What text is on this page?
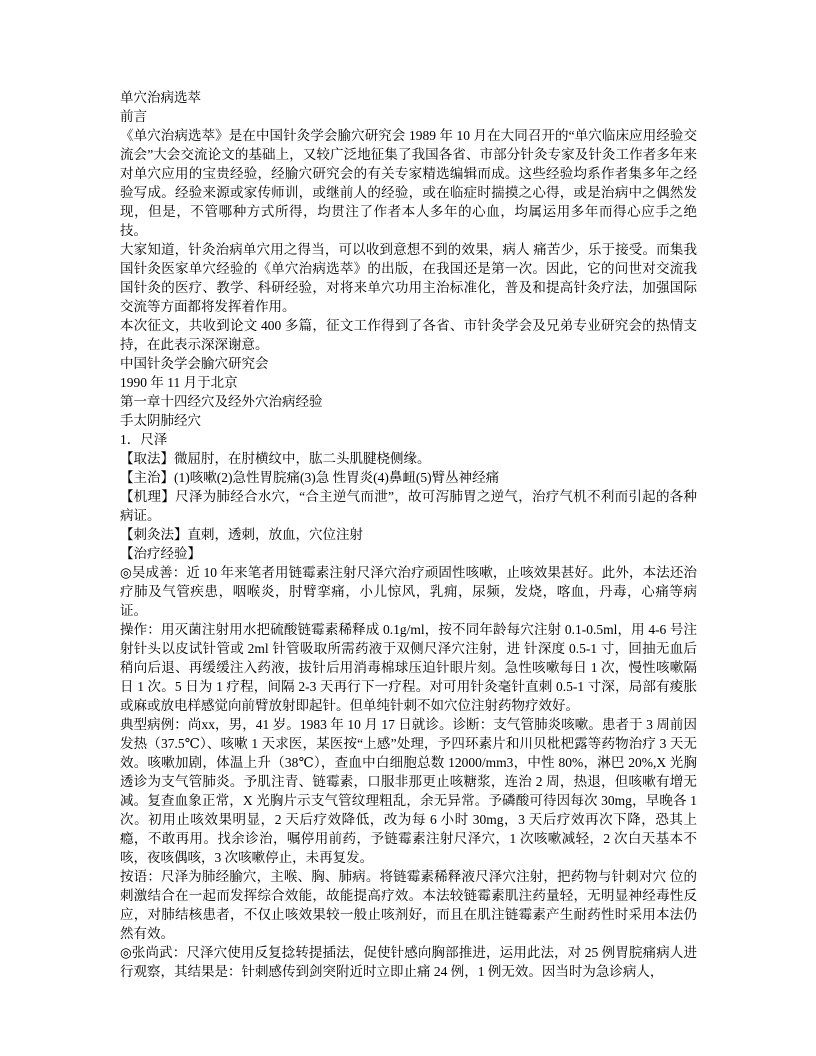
单穴治病选萃

前言

《单穴治病选萃》是在中国针灸学会腧穴研究会 1989 年 10 月在大同召开的“单穴临床应用经验交流会”大会交流论文的基础上，又较广泛地征集了我国各省、市部分针灸专家及针灸工作者多年来对单穴应用的宝贵经验，经腧穴研究会的有关专家精选编辑而成。这些经验均系作者集多年之经验写成。经验来源或家传师训，或继前人的经验，或在临症时揣摸之心得，或是治病中之偶然发现，但是，不管哪种方式所得，均贯注了作者本人多年的心血，均属运用多年而得心应手之绝技。

大家知道，针灸治病单穴用之得当，可以收到意想不到的效果，病人 痛苦少，乐于接受。而集我国针灸医家单穴经验的《单穴治病选萃》的出版，在我国还是第一次。因此，它的问世对交流我国针灸的医疗、教学、科研经验，对将来单穴功用主治标准化，普及和提高针灸疗法，加强国际交流等方面都将发挥着作用。

本次征文，共收到论文 400 多篇，征文工作得到了各省、市针灸学会及兄弟专业研究会的热情支持，在此表示深深谢意。

中国针灸学会腧穴研究会

1990 年 11 月于北京

第一章十四经穴及经外穴治病经验

手太阴肺经穴

1．尺泽

【取法】微屈肘，在肘横纹中，肱二头肌腱桡侧缘。

【主治】(1)咳嗽(2)急性胃脘痛(3)急 性胃炎(4)鼻衄(5)臂丛神经痛

【机理】尺泽为肺经合水穴，“合主逆气而泄”，故可泻肺胃之逆气，治疗气机不利而引起的各种病证。

【刺灸法】直刺，透刺，放血，穴位注射

【治疗经验】

◎吴成善：近 10 年来笔者用链霉素注射尺泽穴治疗顽固性咳嗽，止咳效果甚好。此外，本法还治疗肺及气管疾患，咽喉炎，肘臂挛痛，小儿惊风，乳痈，尿频，发烧，喀血，丹毒，心痛等病证。

操作：用灭菌注射用水把硫酸链霉素稀释成 0.1g/ml，按不同年龄每穴注射 0.1-0.5ml，用 4-6 号注射针头以皮试针管或 2ml 针管吸取所需药液于双侧尺泽穴注射，进 针深度 0.5-1 寸，回抽无血后稍向后退、再缓缓注入药液，拔针后用消毒棉球压迫针眼片刻。急性咳嗽每日 1 次，慢性咳嗽隔日 1 次。5 日为 1 疗程，间隔 2-3 天再行下一疗程。对可用针灸毫针直刺 0.5-1 寸深，局部有痠胀或麻或放电样感觉向前臂放射即起针。但单纯针刺不如穴位注射药物疗效好。

典型病例：尚xx，男，41 岁。1983 年 10 月 17 日就诊。诊断：支气管肺炎咳嗽。患者于 3 周前因发热（37.5℃）、咳嗽 1 天求医，某医按“上感”处理，予四环素片和川贝枇杷露等药物治疗 3 天无效。咳嗽加剧，体温上升（38℃），查血中白细胞总数 12000/mm3，中性 80%，淋巴 20%,X 光胸透诊为支气管肺炎。予肌注青、链霉素，口服非那更止咳糖浆，连治 2 周，热退，但咳嗽有增无减。复查血象正常，X 光胸片示支气管纹理粗乱，余无异常。予磷酸可待因每次 30mg，早晚各 1 次。初用止咳效果明显，2 天后疗效降低，改为每 6 小时 30mg，3 天后疗效再次下降，恐其上瘾，不敢再用。找余诊治，嘱停用前药，予链霉素注射尺泽穴，1 次咳嗽减轻，2 次白天基本不咳，夜咳偶咳，3 次咳嗽停止，未再复发。

按语：尺泽为肺经腧穴，主喉、胸、肺病。将链霉素稀释液尺泽穴注射，把药物与针刺对穴 位的刺激结合在一起而发挥综合效能，故能提高疗效。本法较链霉素肌注药量轻，无明显神经毒性反应，对肺结核患者，不仅止咳效果较一般止咳剂好，而且在肌注链霉素产生耐药性时采用本法仍然有效。

◎张尚武：尺泽穴使用反复捻转提插法，促使针感向胸部推进，运用此法，对 25 例胃脘痛病人进行观察，其结果是：针刺感传到剑突附近时立即止痛 24 例，1 例无效。因当时为急诊病人，
